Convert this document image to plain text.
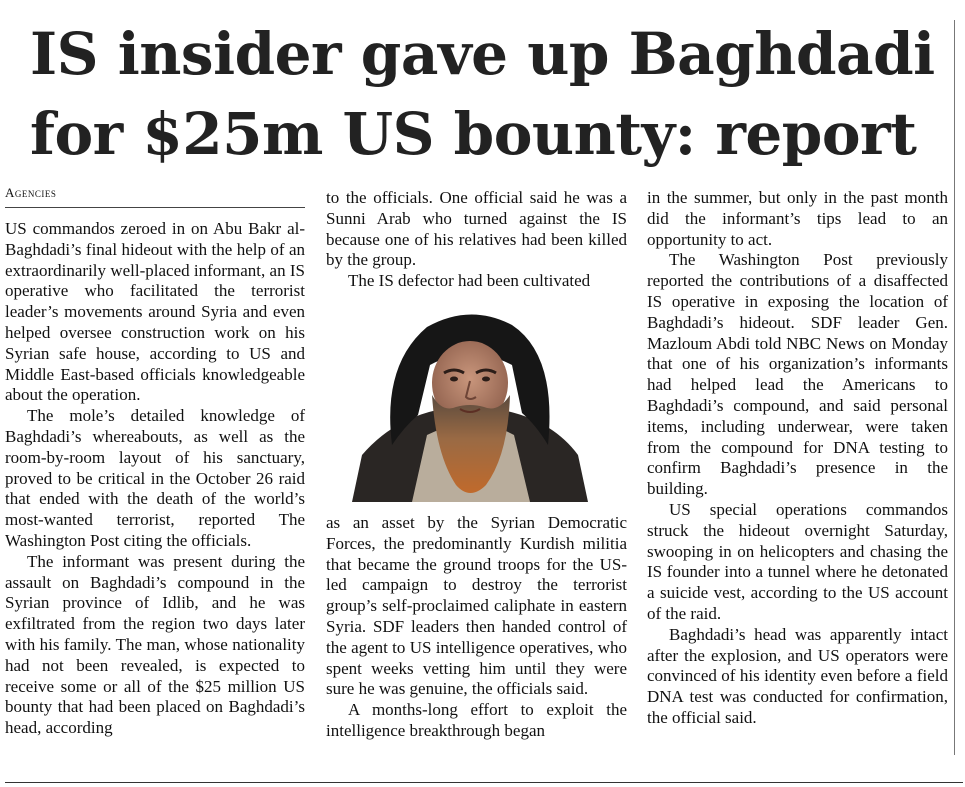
IS insider gave up Baghdadi for $25m US bounty: report
Agencies

US commandos zeroed in on Abu Bakr al-Baghdadi’s final hideout with the help of an extraordinarily well-placed informant, an IS operative who facilitated the terrorist leader’s movements around Syria and even helped oversee construction work on his Syrian safe house, according to US and Middle East-based officials knowledgeable about the operation.

The mole’s detailed knowledge of Baghdadi’s whereabouts, as well as the room-by-room layout of his sanctuary, proved to be critical in the October 26 raid that ended with the death of the world’s most-wanted terrorist, reported The Washington Post citing the officials.

The informant was present during the assault on Baghdadi’s compound in the Syrian province of Idlib, and he was exfiltrated from the region two days later with his family. The man, whose nationality had not been revealed, is expected to receive some or all of the $25 million US bounty that had been placed on Baghdadi’s head, according

to the officials. One official said he was a Sunni Arab who turned against the IS because one of his relatives had been killed by the group.

The IS defector had been cultivated

as an asset by the Syrian Democratic Forces, the predominantly Kurdish militia that became the ground troops for the US-led campaign to destroy the terrorist group’s self-proclaimed caliphate in eastern Syria. SDF leaders then handed control of the agent to US intelligence operatives, who spent weeks vetting him until they were sure he was genuine, the officials said.

A months-long effort to exploit the intelligence breakthrough began

in the summer, but only in the past month did the informant’s tips lead to an opportunity to act.

The Washington Post previously reported the contributions of a disaffected IS operative in exposing the location of Baghdadi’s hideout. SDF leader Gen. Mazloum Abdi told NBC News on Monday that one of his organization’s informants had helped lead the Americans to Baghdadi’s compound, and said personal items, including underwear, were taken from the compound for DNA testing to confirm Baghdadi’s presence in the building.

US special operations commandos struck the hideout overnight Saturday, swooping in on helicopters and chasing the IS founder into a tunnel where he detonated a suicide vest, according to the US account of the raid.

Baghdadi’s head was apparently intact after the explosion, and US operators were convinced of his identity even before a field DNA test was conducted for confirmation, the official said.
